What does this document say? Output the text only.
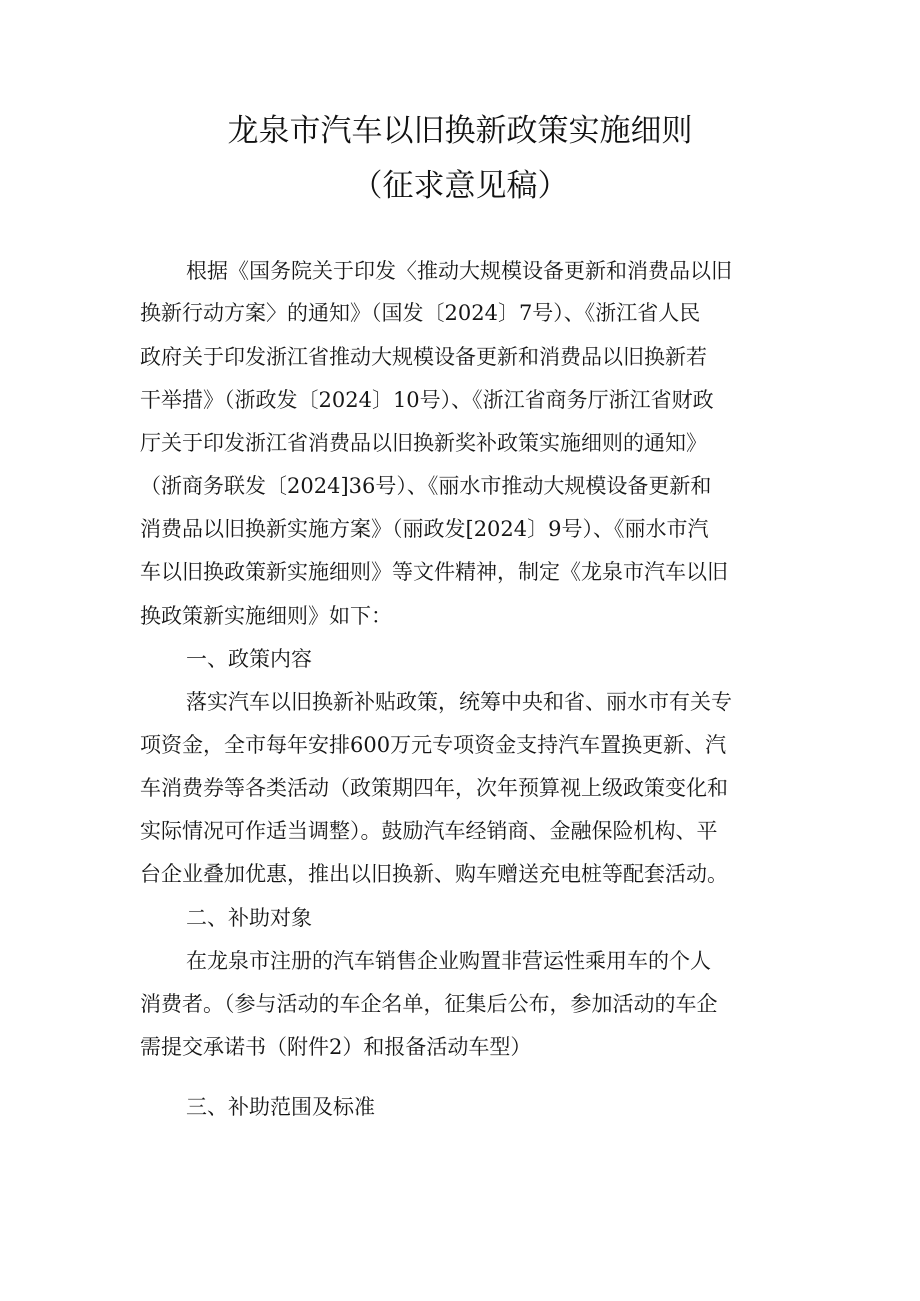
龙泉市汽车以旧换新政策实施细则
（征求意见稿）
根据《国务院关于印发〈推动大规模设备更新和消费品以旧
换新行动方案〉的通知》（国发〔2024〕7号）、《浙江省人民
政府关于印发浙江省推动大规模设备更新和消费品以旧换新若
干举措》（浙政发〔2024〕10号）、《浙江省商务厅浙江省财政
厅关于印发浙江省消费品以旧换新奖补政策实施细则的通知》
（浙商务联发〔2024]36号）、《丽水市推动大规模设备更新和
消费品以旧换新实施方案》（丽政发[2024〕9号）、《丽水市汽
车以旧换政策新实施细则》等文件精神，制定《龙泉市汽车以旧
换政策新实施细则》如下：
一、政策内容
落实汽车以旧换新补贴政策，统筹中央和省、丽水市有关专
项资金，全市每年安排600万元专项资金支持汽车置换更新、汽
车消费券等各类活动（政策期四年，次年预算视上级政策变化和
实际情况可作适当调整）。鼓励汽车经销商、金融保险机构、平
台企业叠加优惠，推出以旧换新、购车赠送充电桩等配套活动。
二、补助对象
在龙泉市注册的汽车销售企业购置非营运性乘用车的个人
消费者。（参与活动的车企名单，征集后公布，参加活动的车企
需提交承诺书（附件2）和报备活动车型）
三、补助范围及标准
